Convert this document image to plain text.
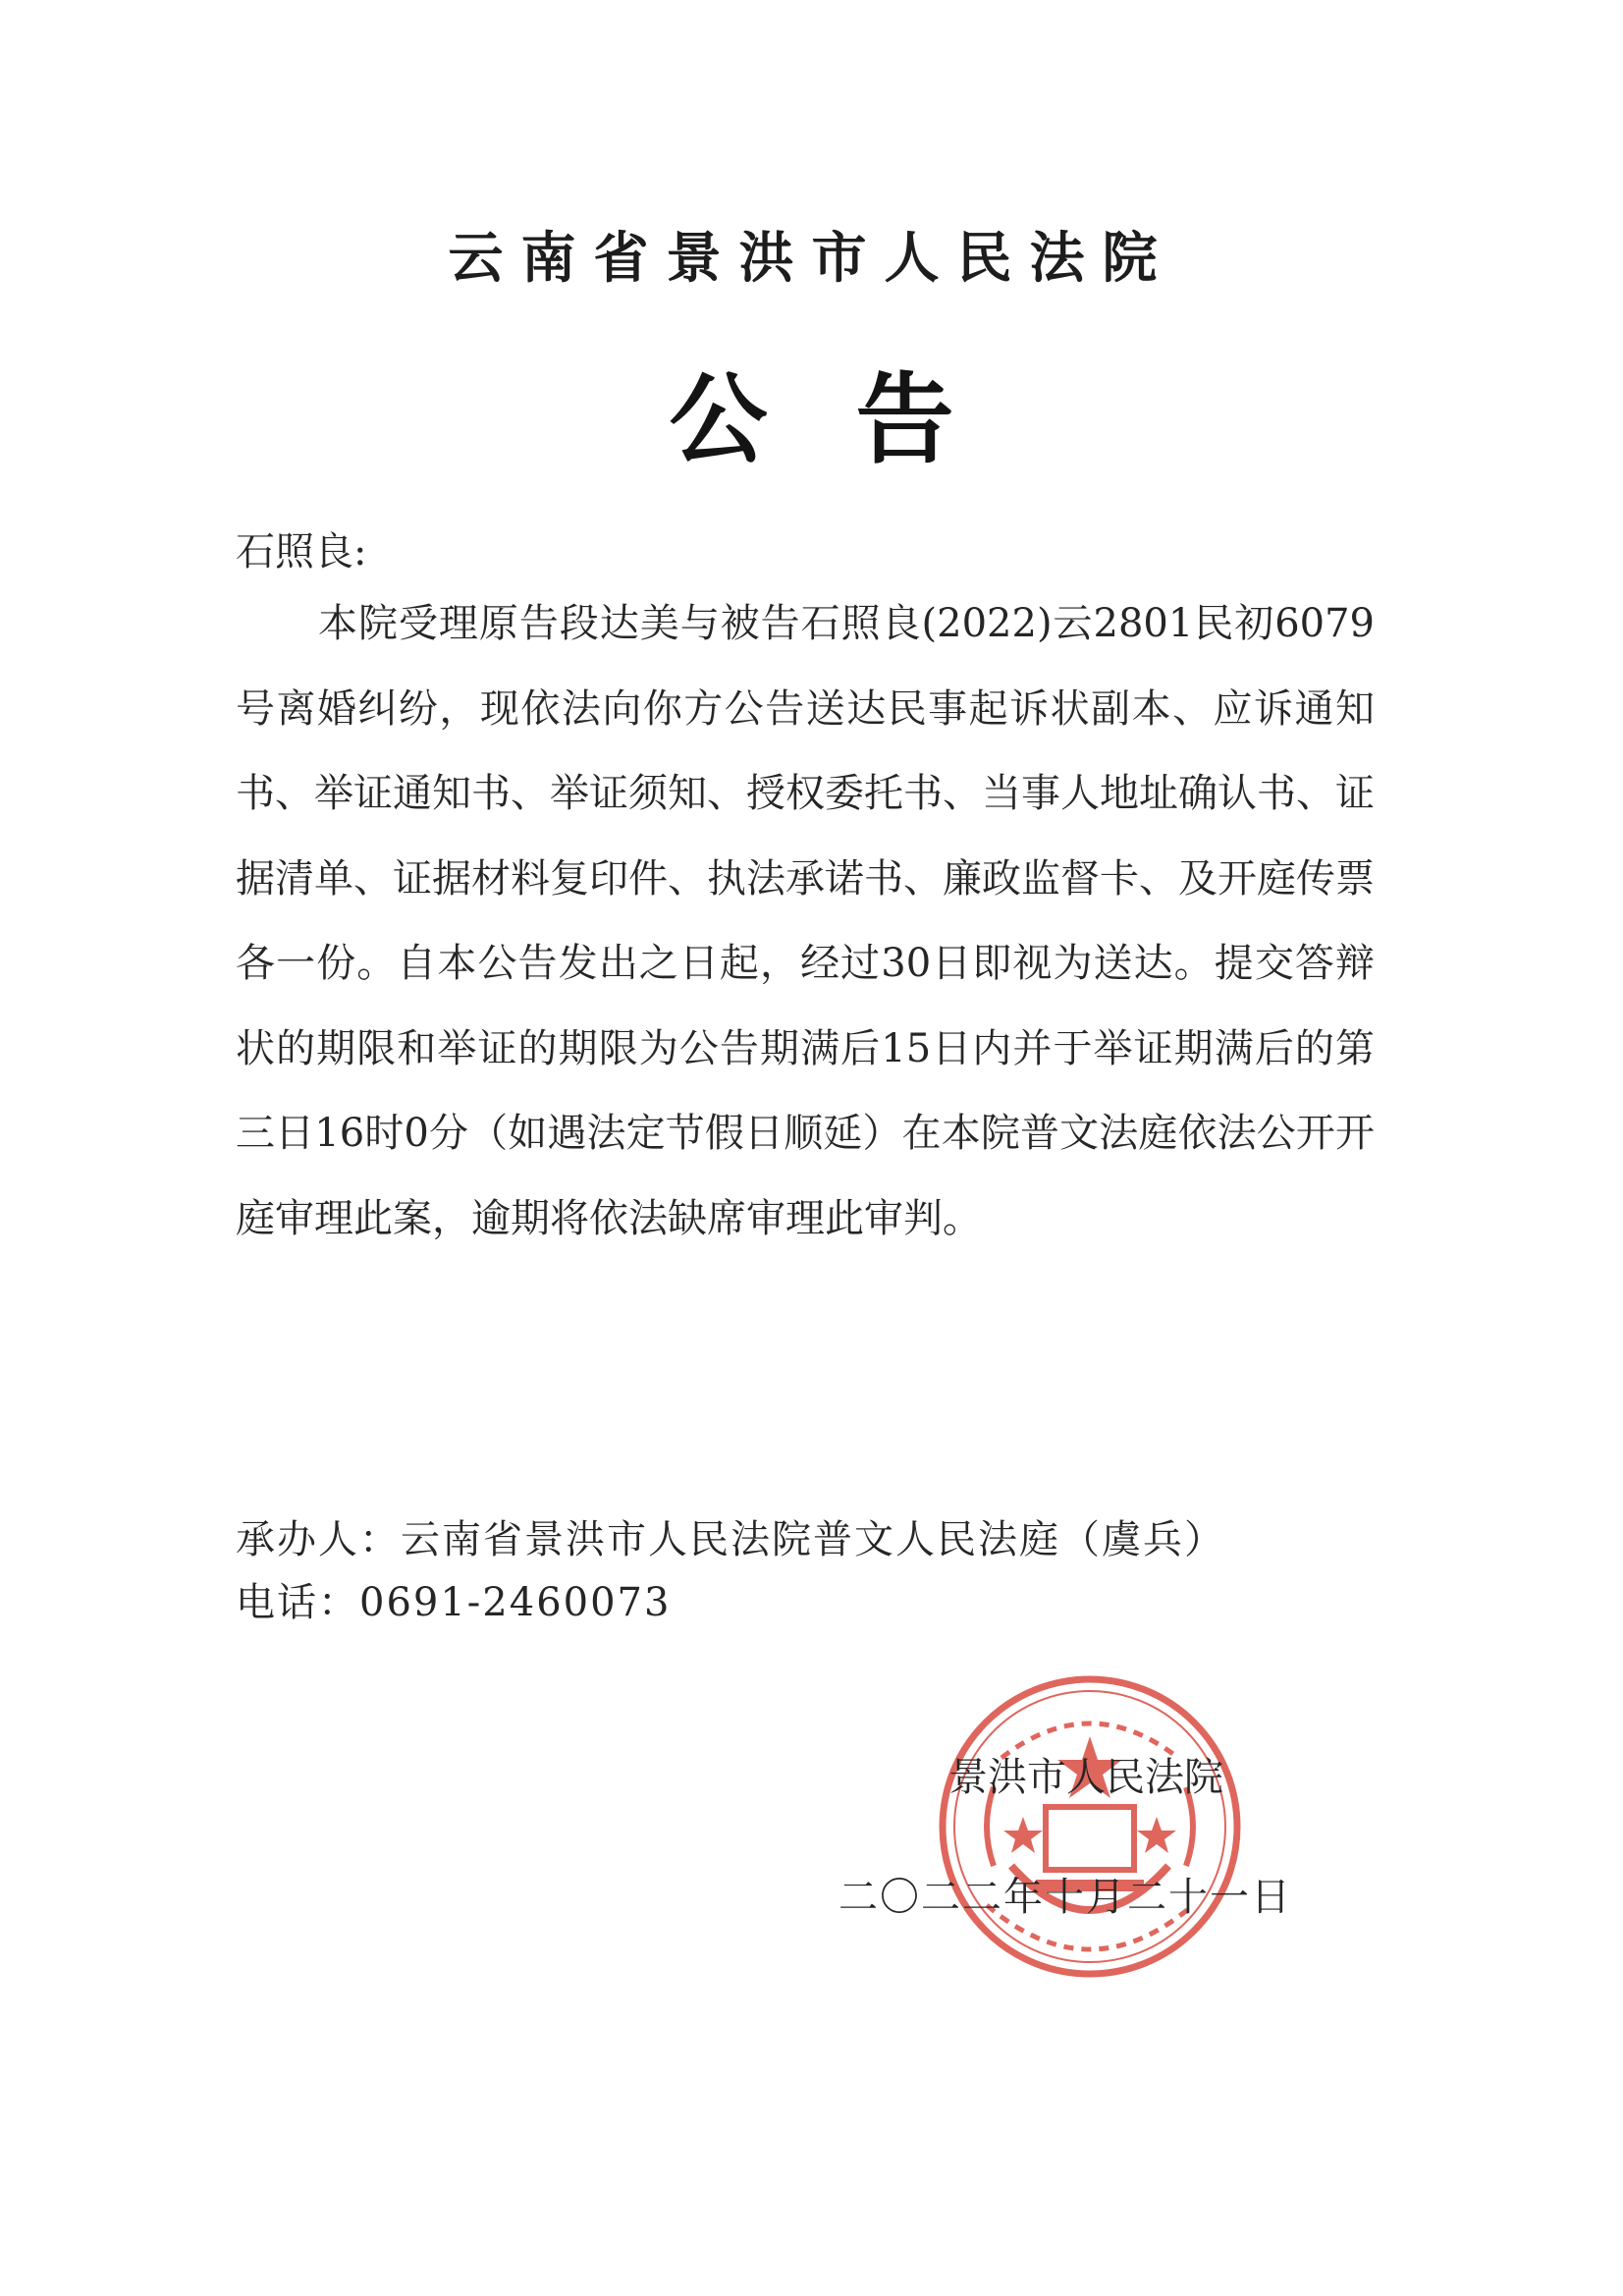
云南省景洪市人民法院
公告
石照良:

本院受理原告段达美与被告石照良(2022)云2801民初6079号离婚纠纷，现依法向你方公告送达民事起诉状副本、应诉通知书、举证通知书、举证须知、授权委托书、当事人地址确认书、证据清单、证据材料复印件、执法承诺书、廉政监督卡、及开庭传票各一份。自本公告发出之日起，经过30日即视为送达。提交答辩状的期限和举证的期限为公告期满后15日内并于举证期满后的第三日16时0分（如遇法定节假日顺延）在本院普文法庭依法公开开庭审理此案，逾期将依法缺席审理此审判。

承办人：云南省景洪市人民法院普文人民法庭（虞兵）
电话：0691-2460073
景洪市人民法院
二〇二二年十月二十一日
